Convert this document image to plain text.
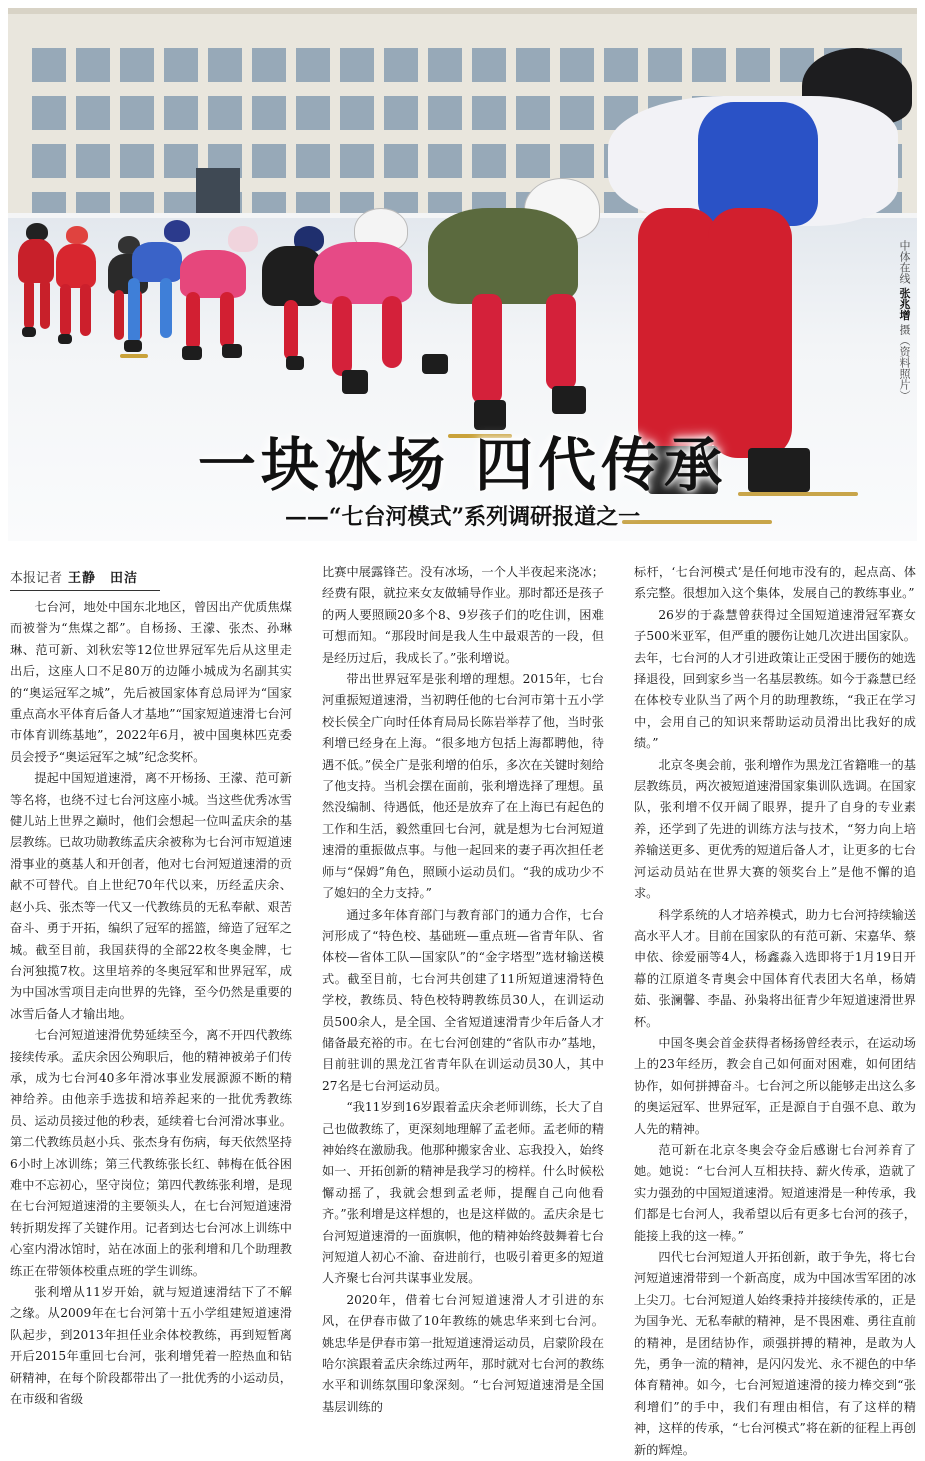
一块冰场 四代传承
——“七台河模式”系列调研报道之一
中体在线 张兆增 摄（资料照片）
本报记者 王静　田洁

七台河，地处中国东北地区，曾因出产优质焦煤而被誉为“焦煤之都”。自杨扬、王濛、张杰、孙琳琳、范可新、刘秋宏等12位世界冠军先后从这里走出后，这座人口不足80万的边陲小城成为名副其实的“奥运冠军之城”，先后被国家体育总局评为“国家重点高水平体育后备人才基地”“国家短道速滑七台河市体育训练基地”，2022年6月，被中国奥林匹克委员会授予“奥运冠军之城”纪念奖杯。

提起中国短道速滑，离不开杨扬、王濛、范可新等名将，也绕不过七台河这座小城。当这些优秀冰雪健儿站上世界之巅时，他们会想起一位叫孟庆余的基层教练。已故功勋教练孟庆余被称为七台河市短道速滑事业的奠基人和开创者，他对七台河短道速滑的贡献不可替代。自上世纪70年代以来，历经孟庆余、赵小兵、张杰等一代又一代教练员的无私奉献、艰苦奋斗、勇于开拓，编织了冠军的摇篮，缔造了冠军之城。截至目前，我国获得的全部22枚冬奥金牌，七台河独揽7枚。这里培养的冬奥冠军和世界冠军，成为中国冰雪项目走向世界的先锋，至今仍然是重要的冰雪后备人才输出地。

七台河短道速滑优势延续至今，离不开四代教练接续传承。孟庆余因公殉职后，他的精神被弟子们传承，成为七台河40多年滑冰事业发展源源不断的精神给养。由他亲手选拔和培养起来的一批优秀教练员、运动员接过他的秒表，延续着七台河滑冰事业。第二代教练员赵小兵、张杰身有伤病，每天依然坚持6小时上冰训练；第三代教练张长红、韩梅在低谷困难中不忘初心，坚守岗位；第四代教练张利增，是现在七台河短道速滑的主要领头人，在七台河短道速滑转折期发挥了关键作用。记者到达七台河冰上训练中心室内滑冰馆时，站在冰面上的张利增和几个助理教练正在带领体校重点班的学生训练。

张利增从11岁开始，就与短道速滑结下了不解之缘。从2009年在七台河第十五小学组建短道速滑队起步，到2013年担任业余体校教练，再到短暂离开后2015年重回七台河，张利增凭着一腔热血和钻研精神，在每个阶段都带出了一批优秀的小运动员，在市级和省级

比赛中展露锋芒。没有冰场，一个人半夜起来浇冰；经费有限，就拉来女友做辅导作业。那时都还是孩子的两人要照顾20多个8、9岁孩子们的吃住训，困难可想而知。“那段时间是我人生中最艰苦的一段，但是经历过后，我成长了。”张利增说。

带出世界冠军是张利增的理想。2015年，七台河重振短道速滑，当初聘任他的七台河市第十五小学校长侯全广向时任体育局局长陈岩举荐了他，当时张利增已经身在上海。“很多地方包括上海都聘他，待遇不低。”侯全广是张利增的伯乐，多次在关键时刻给了他支持。当机会摆在面前，张利增选择了理想。虽然没编制、待遇低，他还是放弃了在上海已有起色的工作和生活，毅然重回七台河，就是想为七台河短道速滑的重振做点事。与他一起回来的妻子再次担任老师与“保姆”角色，照顾小运动员们。“我的成功少不了媳妇的全力支持。”

通过多年体育部门与教育部门的通力合作，七台河形成了“特色校、基础班—重点班—省青年队、省体校—省体工队—国家队”的“金字塔型”选材输送模式。截至目前，七台河共创建了11所短道速滑特色学校，教练员、特色校特聘教练员30人，在训运动员500余人，是全国、全省短道速滑青少年后备人才储备最充裕的市。在七台河创建的“省队市办”基地，目前驻训的黑龙江省青年队在训运动员30人，其中27名是七台河运动员。

“我11岁到16岁跟着孟庆余老师训练，长大了自己也做教练了，更深刻地理解了孟老师。孟老师的精神始终在激励我。他那种搬家舍业、忘我投入，始终如一、开拓创新的精神是我学习的榜样。什么时候松懈动摇了，我就会想到孟老师，提醒自己向他看齐。”张利增是这样想的，也是这样做的。孟庆余是七台河短道速滑的一面旗帜，他的精神始终鼓舞着七台河短道人初心不渝、奋进前行，也吸引着更多的短道人齐聚七台河共谋事业发展。

2020年，借着七台河短道速滑人才引进的东风，在伊春市做了10年教练的姚忠华来到七台河。姚忠华是伊春市第一批短道速滑运动员，启蒙阶段在哈尔滨跟着孟庆余练过两年，那时就对七台河的教练水平和训练氛围印象深刻。“七台河短道速滑是全国基层训练的

标杆，‘七台河模式’是任何地市没有的，起点高、体系完整。很想加入这个集体，发展自己的教练事业。”

26岁的于淼慧曾获得过全国短道速滑冠军赛女子500米亚军，但严重的腰伤让她几次进出国家队。去年，七台河的人才引进政策让正受困于腰伤的她选择退役，回到家乡当一名基层教练。如今于淼慧已经在体校专业队当了两个月的助理教练，“我正在学习中，会用自己的知识来帮助运动员滑出比我好的成绩。”

北京冬奥会前，张利增作为黑龙江省籍唯一的基层教练员，两次被短道速滑国家集训队选调。在国家队，张利增不仅开阔了眼界，提升了自身的专业素养，还学到了先进的训练方法与技术，“努力向上培养输送更多、更优秀的短道后备人才，让更多的七台河运动员站在世界大赛的领奖台上”是他不懈的追求。

科学系统的人才培养模式，助力七台河持续输送高水平人才。目前在国家队的有范可新、宋嘉华、蔡申依、徐爱丽等4人，杨鑫淼入选即将于1月19日开幕的江原道冬青奥会中国体育代表团大名单，杨婧茹、张澜馨、李晶、孙枭将出征青少年短道速滑世界杯。

中国冬奥会首金获得者杨扬曾经表示，在运动场上的23年经历，教会自己如何面对困难，如何团结协作，如何拼搏奋斗。七台河之所以能够走出这么多的奥运冠军、世界冠军，正是源自于自强不息、敢为人先的精神。

范可新在北京冬奥会夺金后感谢七台河养育了她。她说：“七台河人互相扶持、薪火传承，造就了实力强劲的中国短道速滑。短道速滑是一种传承，我们都是七台河人，我希望以后有更多七台河的孩子，能接上我的这一棒。”

四代七台河短道人开拓创新，敢于争先，将七台河短道速滑带到一个新高度，成为中国冰雪军团的冰上尖刀。七台河短道人始终秉持并接续传承的，正是为国争光、无私奉献的精神，是不畏困难、勇往直前的精神，是团结协作，顽强拼搏的精神，是敢为人先，勇争一流的精神，是闪闪发光、永不褪色的中华体育精神。如今，七台河短道速滑的接力棒交到“张利增们”的手中，我们有理由相信，有了这样的精神，这样的传承，“七台河模式”将在新的征程上再创新的辉煌。
